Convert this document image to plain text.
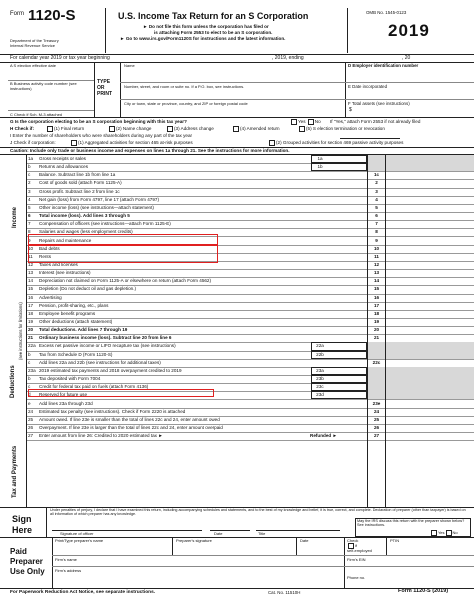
Form 1120-S
Department of the Treasury
Internal Revenue Service
U.S. Income Tax Return for an S Corporation
► Do not file this form unless the corporation has filed or
is attaching Form 2553 to elect to be an S corporation.
► Go to www.irs.gov/Form1120S for instructions and the latest information.
OMB No. 1545-0123
2019
For calendar year 2019 or tax year beginning	, 2019, ending	, 20
A S election effective date
B Business activity code number (see instructions)
C Check if Sch. M-3 attached
TYPE OR PRINT
Name
Number, street, and room or suite no. If a P.O. box, see instructions.
City or town, state or province, country, and ZIP or foreign postal code
D Employer identification number
E Date incorporated
F Total assets (see instructions)
$
G Is the corporation electing to be an S corporation beginning with this tax year?	Yes No If "Yes," attach Form 2553 if not already filed
H Check if:	(1) Final return	(2) Name change	(3) Address change	(4) Amended return	(5) S election termination or revocation
I Enter the number of shareholders who were shareholders during any part of the tax year
J Check if corporation:	(1) Aggregated activities for section 465 at-risk purposes	(2) Grouped activities for section 469 passive activity purposes
Caution: Include only trade or business income and expenses on lines 1a through 21. See the instructions for more information.
1a	Gross receipts or sales	1a
b	Returns and allowances	1b
c	Balance. Subtract line 1b from line 1a	1c
2	Cost of goods sold (attach Form 1125-A)	2
3	Gross profit. Subtract line 2 from line 1c	3
4	Net gain (loss) from Form 4797, line 17 (attach Form 4797)	4
5	Other income (loss) (see instructions—attach statement)	5
6	Total income (loss). Add lines 3 through 5	6
7	Compensation of officers (see instructions—attach Form 1125-E)	7
8	Salaries and wages (less employment credits)	8
9	Repairs and maintenance	9
10	Bad debts	10
11	Rents	11
12	Taxes and licenses	12
13	Interest (see instructions)	13
14	Depreciation not claimed on Form 1125-A or elsewhere on return (attach Form 4562)	14
15	Depletion (Do not deduct oil and gas depletion.)	15
16	Advertising	16
17	Pension, profit-sharing, etc., plans	17
18	Employee benefit programs	18
19	Other deductions (attach statement)	19
20	Total deductions. Add lines 7 through 19	20
21	Ordinary business income (loss). Subtract line 20 from line 6	21
22a Excess net passive income or LIFO recapture tax (see instructions)	22a
b	Tax from Schedule D (Form 1120-S)	22b
c	Add lines 22a and 22b (see instructions for additional taxes)	22c
23a 2019 estimated tax payments and 2018 overpayment credited to 2019	23a
b	Tax deposited with Form 7004	23b
c	Credit for federal tax paid on fuels (attach Form 4136)	23c
d	Reserved for future use	23d
e	Add lines 23a through 23d	23e
24	Estimated tax penalty (see instructions). Check if Form 2220 is attached	24
25	Amount owed. If line 23e is smaller than the total of lines 22c and 24, enter amount owed	25
26	Overpayment. If line 23e is larger than the total of lines 22c and 24, enter amount overpaid	26
27	Enter amount from line 26: Credited to 2020 estimated tax ►	Refunded ►	27
Income
Deductions
(see instructions for limitations)
Tax and Payments
Sign
Here
Under penalties of perjury, I declare that I have examined this return, including accompanying schedules and statements, and to the best of my knowledge and belief, it is true, correct, and complete. Declaration of preparer (other than taxpayer) is based on all information of which preparer has any knowledge.
Signature of officer	Date	Title
May the IRS discuss this return with the preparer shown below? See instructions.
Yes No
Paid
Preparer
Use Only
Print/Type preparer's name	Preparer's signature	Date	Check
if
self-employed
PTIN
Firm's name	Firm's EIN
Firm's address
Phone no.
For Paperwork Reduction Act Notice, see separate instructions.	Cat. No. 11510H	Form 1120-S (2019)
